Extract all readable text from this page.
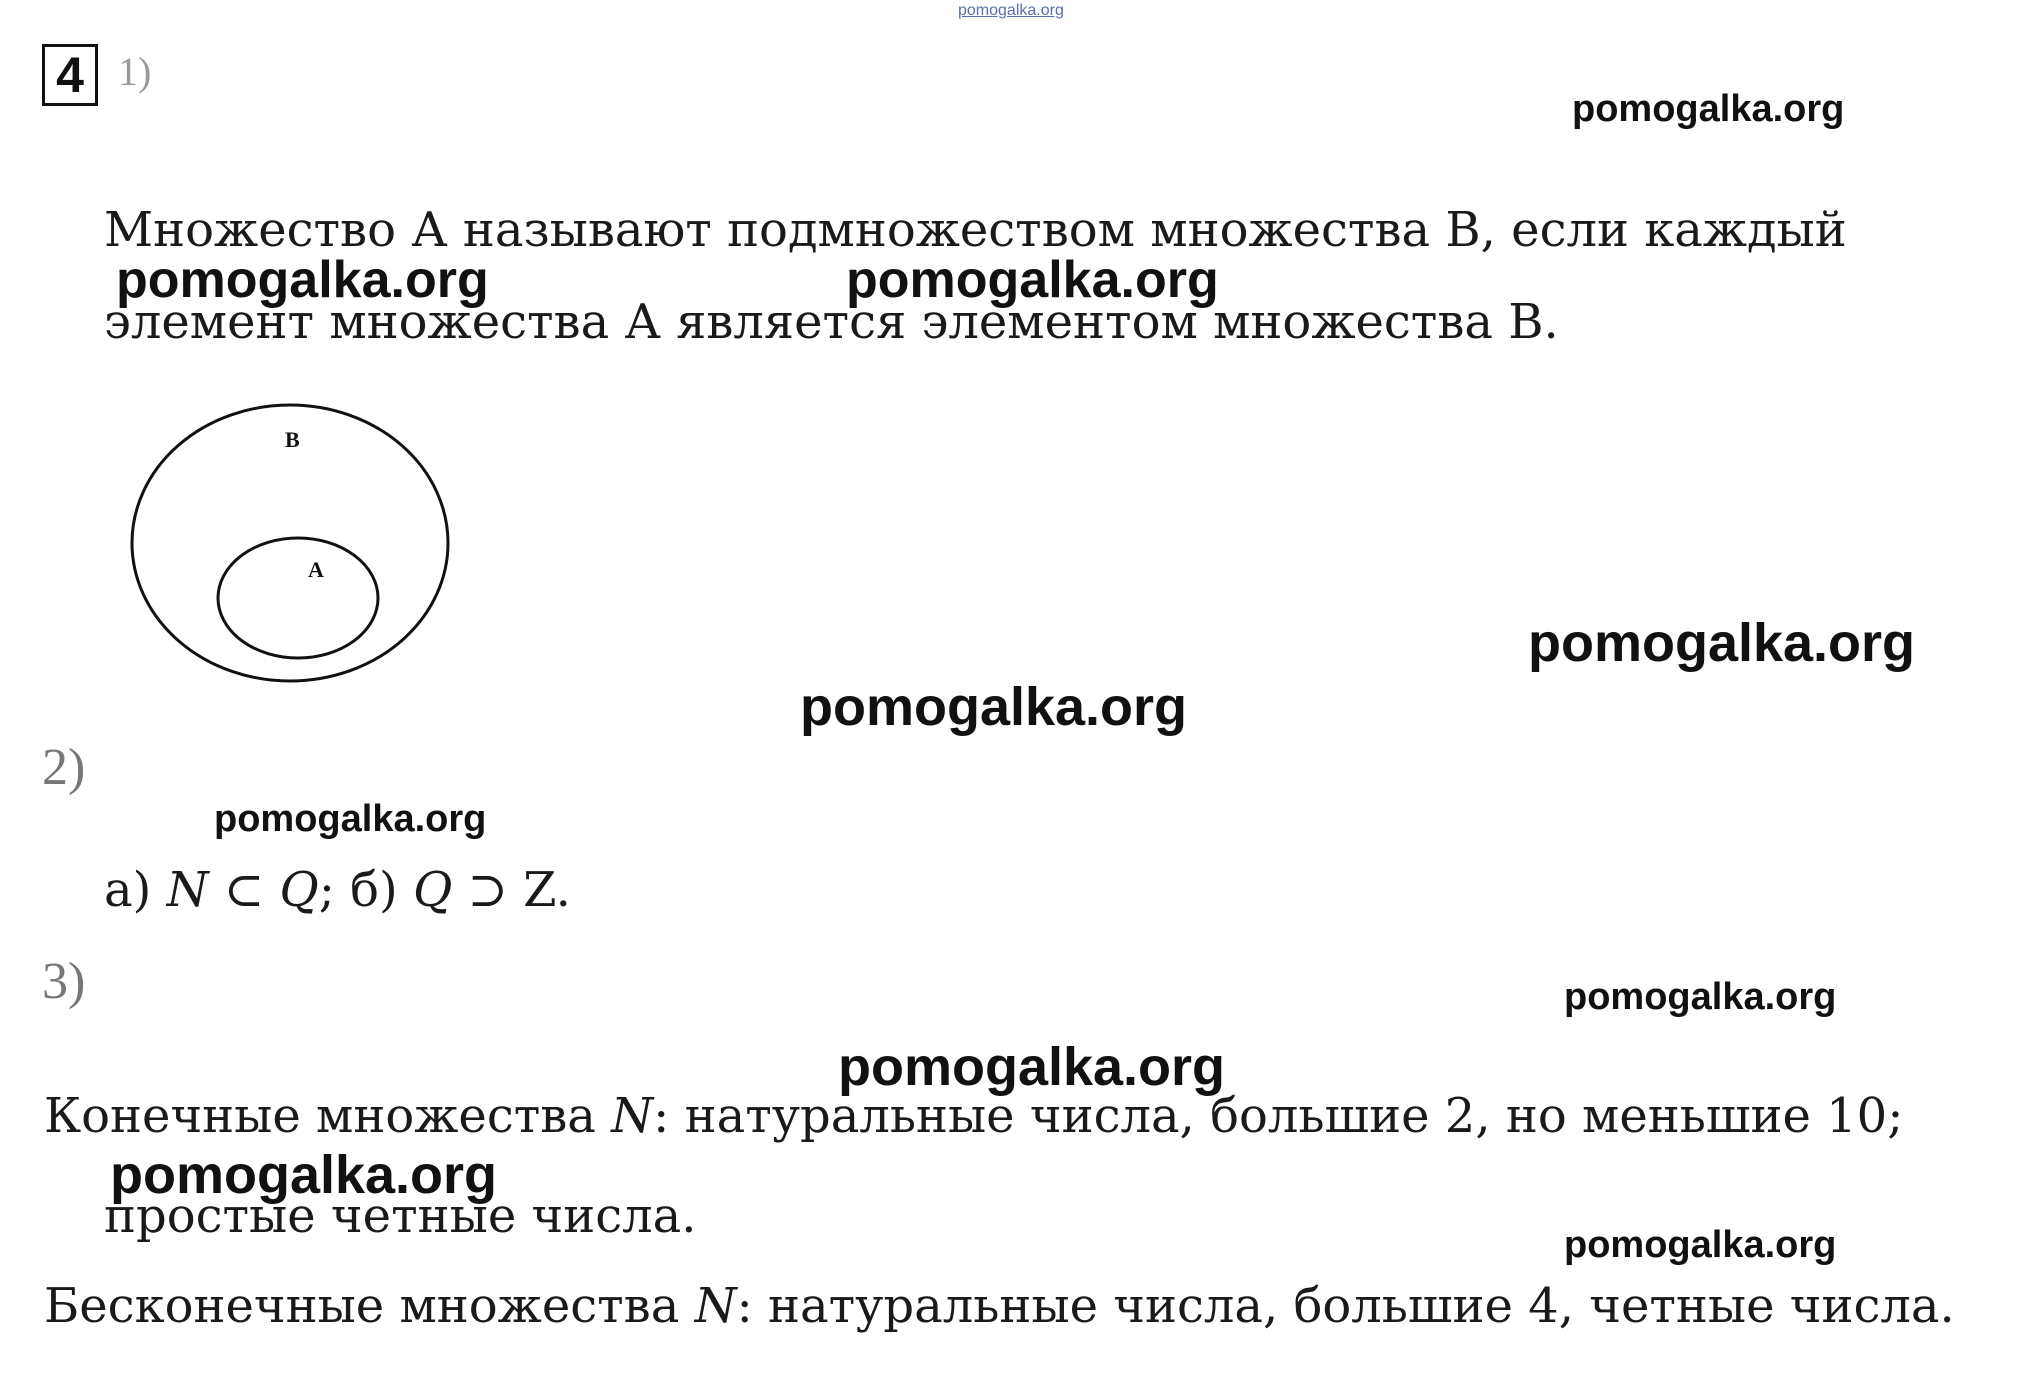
pomogalka.org
4 1)
Множество А называют подмножеством множества В, если каждый
элемент множества А является элементом множества В.
B
A
2)
а) N ⊂ Q; б) Q ⊃ Z.
3)
Конечные множества N: натуральные числа, большие 2, но меньшие 10;
простые четные числа.
Бесконечные множества N: натуральные числа, большие 4, четные числа.
pomogalka.org
pomogalka.org	pomogalka.org
pomogalka.org
pomogalka.org
pomogalka.org
pomogalka.org
pomogalka.org
pomogalka.org
pomogalka.org
